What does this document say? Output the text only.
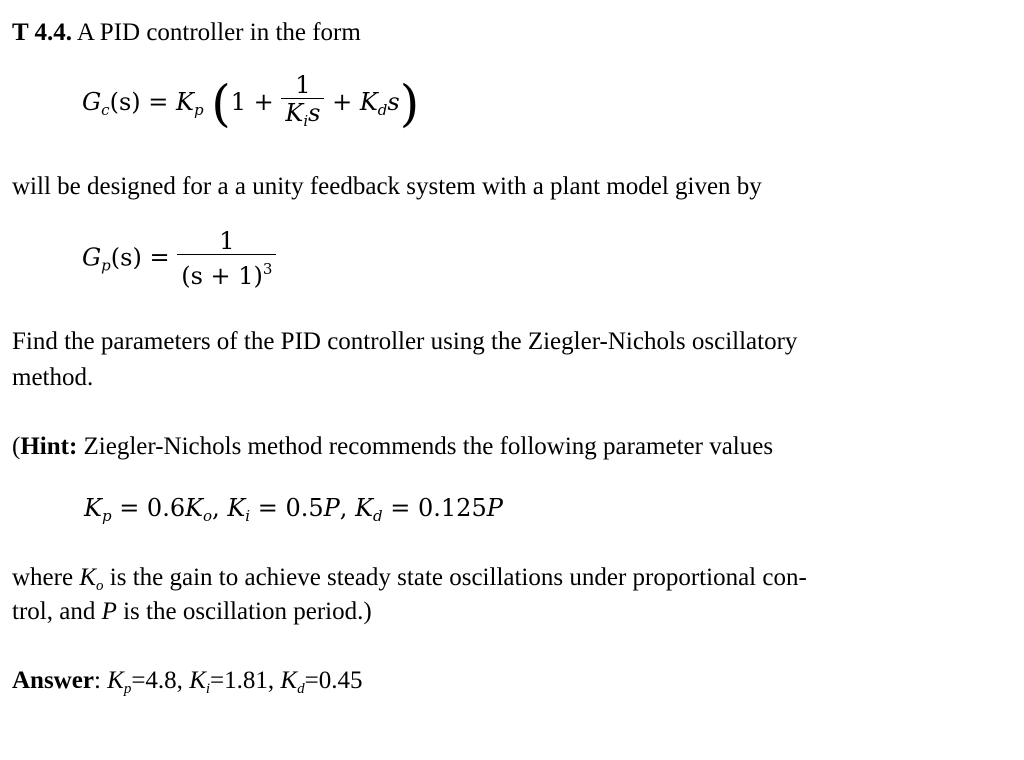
T 4.4. A PID controller in the form
$G_c(s) = K_p$ $(1 + \frac{1}{K_is} + K_ds)$
will be designed for a a unity feedback system with a plant model given by
$G_p(s) = \frac{1}{(s + 1)^3}$
Find the parameters of the PID controller using the Ziegler-Nichols oscillatory
method.
(Hint: Ziegler-Nichols method recommends the following parameter values
$K_p = 0.6K_o$, $K_i = 0.5P$, $K_d = 0.125P$
where $K_o$ is the gain to achieve steady state oscillations under proportional con-
trol, and P is the oscillation period.)
Answer: $K_p=4.8$, $K_i=1.81$, $K_d=0.45$
